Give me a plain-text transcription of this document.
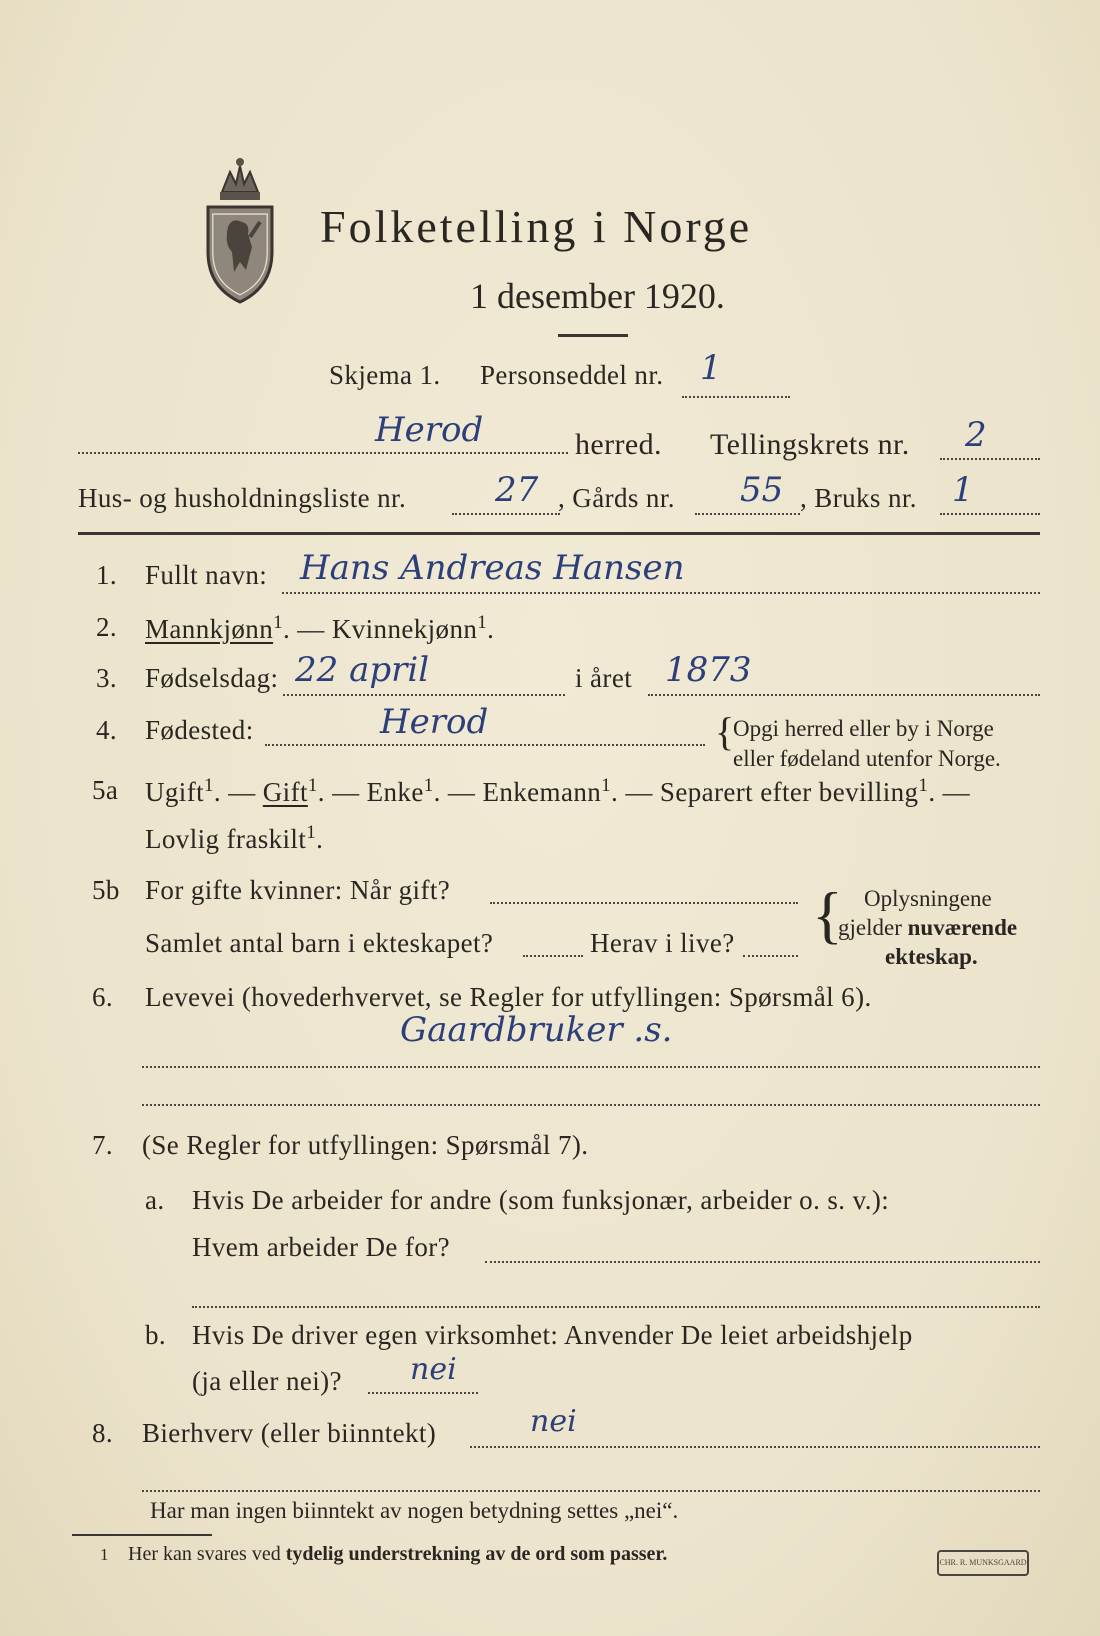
Folketelling i Norge
1 desember 1920.
Skjema 1. Personseddel nr. 1
Herod	herred. Tellingskrets nr. 2
Hus- og husholdningsliste nr.	27 , Gårds nr. 55 , Bruks nr. 1
1. Fullt navn: Hans Andreas Hansen
2. Mannkjønn$^1$. — Kvinnekjønn$^1$.
3. Fødselsdag: 22 april	i året 1873
4. Fødested:	Herod	{
Opgi herred eller by i Norge
eller fødeland utenfor Norge.
5a Ugift$^1$. — Gift$^1$. — Enke$^1$. — Enkemann$^1$. — Separert efter bevilling$^1$. —
Lovlig fraskilt$^1$.
5b For gifte kvinner: Når gift?
Samlet antal barn i ekteskapet?	Herav i live? { Oplysningene
gjelder nuværende
ekteskap.
6. Levevei (hovederhvervet, se Regler for utfyllingen: Spørsmål 6).
Gaardbruker .s.
7. (Se Regler for utfyllingen: Spørsmål 7).
a. Hvis De arbeider for andre (som funksjonær, arbeider o. s. v.):
Hvem arbeider De for?
b. Hvis De driver egen virksomhet: Anvender De leiet arbeidshjelp
(ja eller nei)? nei
8. Bierhverv (eller biinntekt)	nei
Har man ingen biinntekt av nogen betydning settes „nei“.
1 Her kan svares ved tydelig understrekning av de ord som passer.	CHR. R. MUNKSGAARD
